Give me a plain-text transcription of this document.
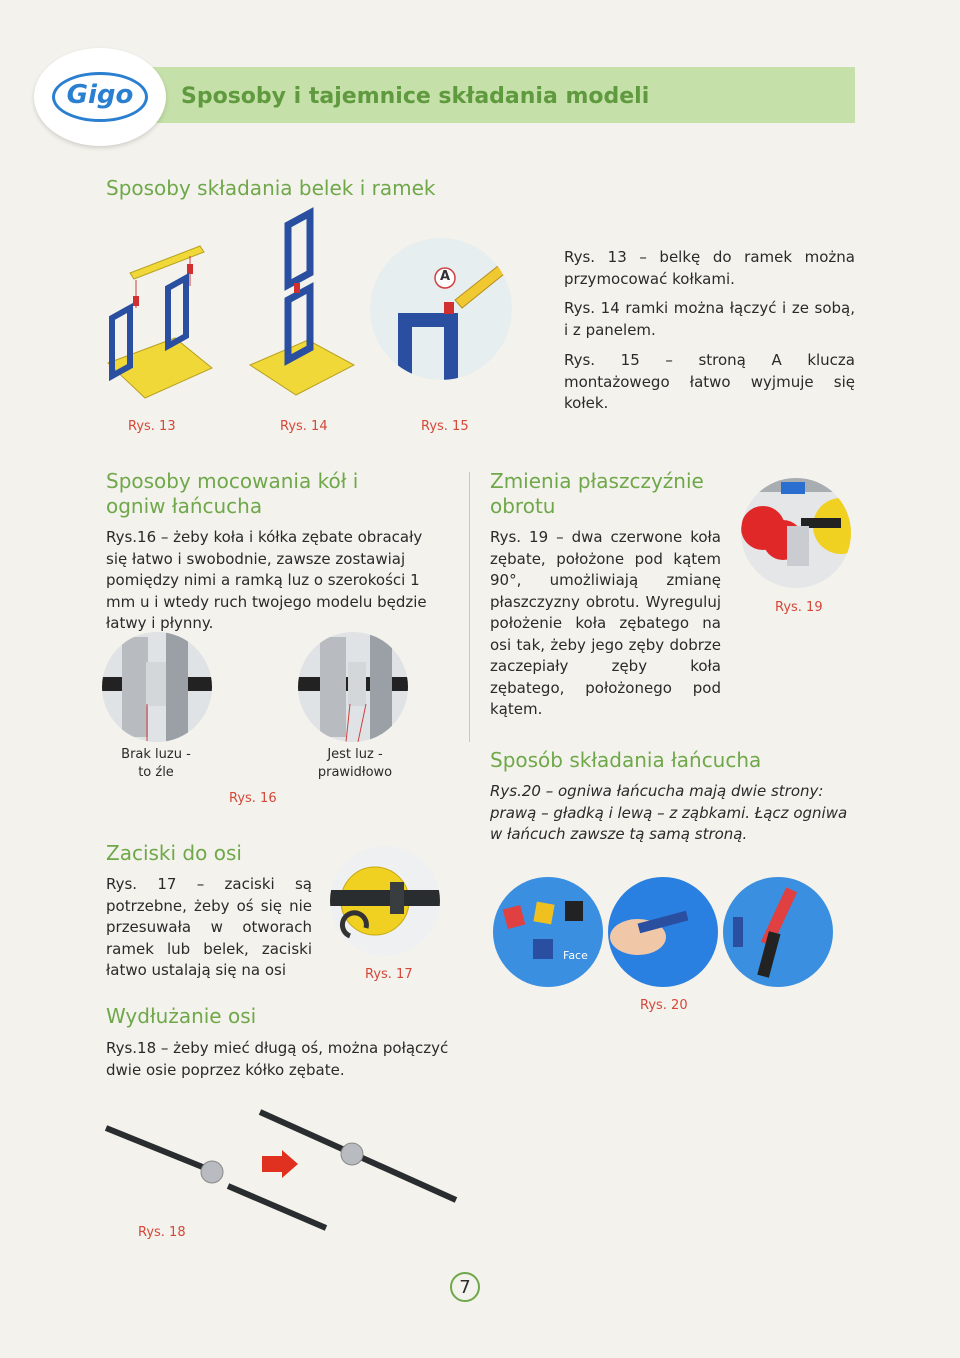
Sposoby i tajemnice składania modeli
Gigo
Sposoby składania belek i ramek
A
Rys. 13 – belkę do ramek można przymocować kołkami.
Rys. 14 ramki można łączyć i ze sobą, i z panelem.
Rys. 15 – stroną A klucza montażowego łatwo wyjmuje się kołek.
Rys. 13	Rys. 14	Rys. 15
Sposoby mocowania kół i ogniw łańcucha
Rys.16 – żeby koła i kółka zębate obracały się łatwo i swobodnie, zawsze zostawiaj pomiędzy nimi a ramką luz o szerokości 1 mm u i wtedy ruch twojego modelu będzie łatwy i płynny.
Brak luzu - to źle
Jest luz - prawidłowo
Rys. 16
Zmienia płaszczyźnie obrotu
Rys. 19 – dwa czerwone koła zębate, położone pod kątem 90°, umożliwiają zmianę płaszczyzny obrotu. Wyreguluj położenie koła zębatego na osi tak, żeby jego zęby dobrze zaczepiały zęby koła zębatego, położonego pod kątem.
Rys. 19
Zaciski do osi
Rys. 17 – zaciski są potrzebne, żeby oś się nie przesuwała w otworach ramek lub belek, zaciski łatwo ustalają się na osi	Rys. 17
Sposób składania łańcucha
Rys.20 – ogniwa łańcucha mają dwie strony: prawą – gładką i lewą – z ząbkami. Łącz ogniwa w łańcuch zawsze tą samą stroną.
Face
Rys. 20
Wydłużanie osi
Rys.18 – żeby mieć długą oś, można połączyć dwie osie poprzez kółko zębate.
Rys. 18
7
